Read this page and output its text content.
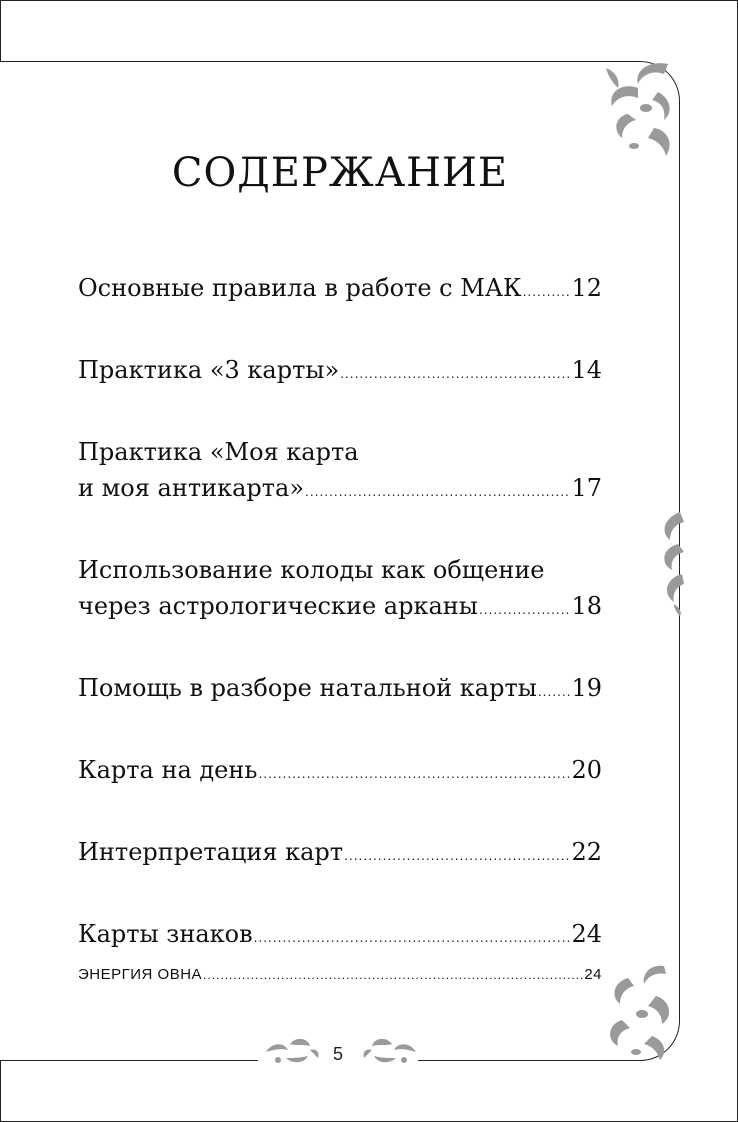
СОДЕРЖАНИЕ
Основные правила в работе с МАК ..... 12
Практика «3 карты» .....	14
Практика «Моя карта
и моя антикарта» .....	17
Использование колоды как общение
через астрологические арканы .....	18
Помощь в разборе натальной карты ..... 19
Карта на день .....	20
Интерпретация карт .....	22
Карты знаков .....	24
ЭНЕРГИЯ ОВНА .....	24
5
